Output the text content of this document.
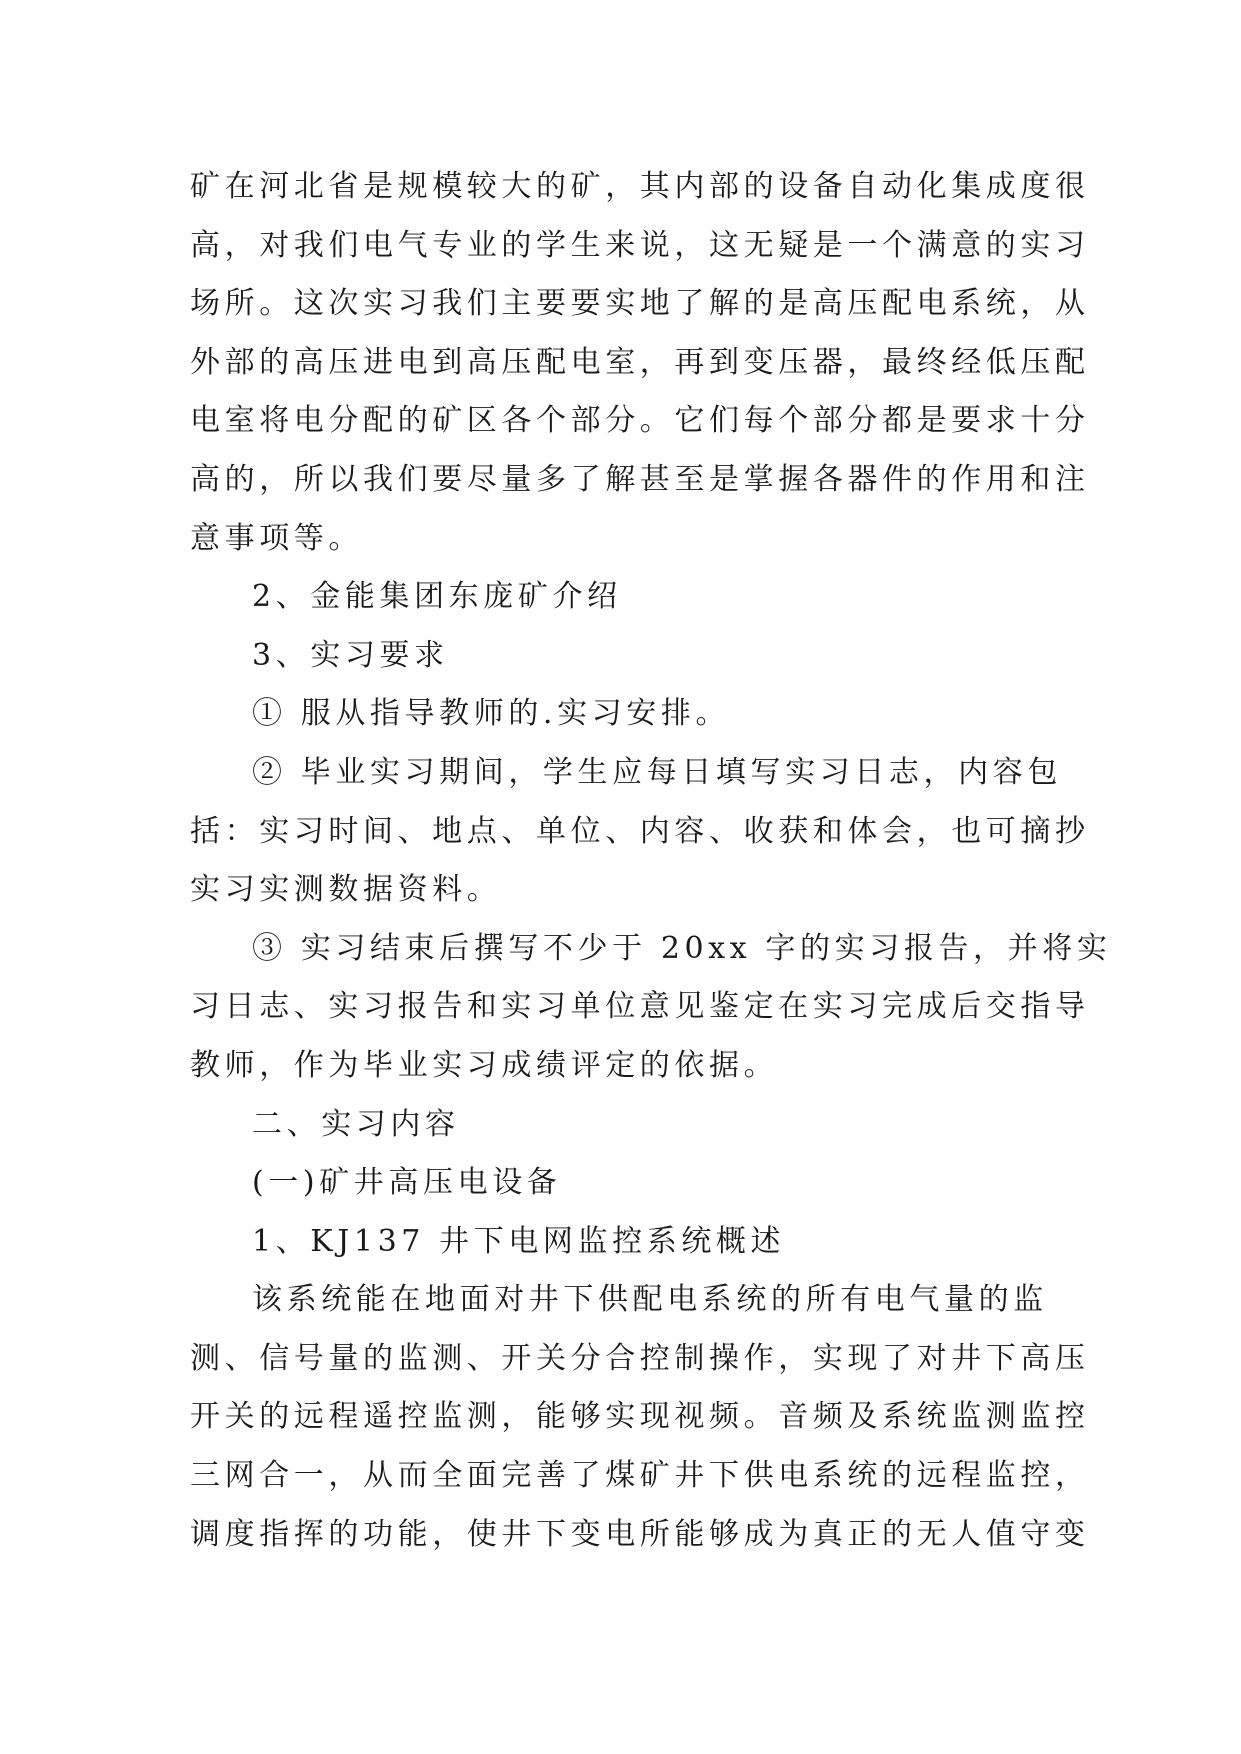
矿在河北省是规模较大的矿，其内部的设备自动化集成度很
高，对我们电气专业的学生来说，这无疑是一个满意的实习
场所。这次实习我们主要要实地了解的是高压配电系统，从
外部的高压进电到高压配电室，再到变压器，最终经低压配
电室将电分配的矿区各个部分。它们每个部分都是要求十分
高的，所以我们要尽量多了解甚至是掌握各器件的作用和注
意事项等。
2、金能集团东庞矿介绍
3、实习要求
① 服从指导教师的.实习安排。
② 毕业实习期间，学生应每日填写实习日志，内容包
括：实习时间、地点、单位、内容、收获和体会，也可摘抄
实习实测数据资料。
③ 实习结束后撰写不少于 20xx 字的实习报告，并将实
习日志、实习报告和实习单位意见鉴定在实习完成后交指导
教师，作为毕业实习成绩评定的依据。
二、实习内容
(一)矿井高压电设备
1、KJ137 井下电网监控系统概述
该系统能在地面对井下供配电系统的所有电气量的监
测、信号量的监测、开关分合控制操作，实现了对井下高压
开关的远程遥控监测，能够实现视频。音频及系统监测监控
三网合一，从而全面完善了煤矿井下供电系统的远程监控，
调度指挥的功能，使井下变电所能够成为真正的无人值守变
